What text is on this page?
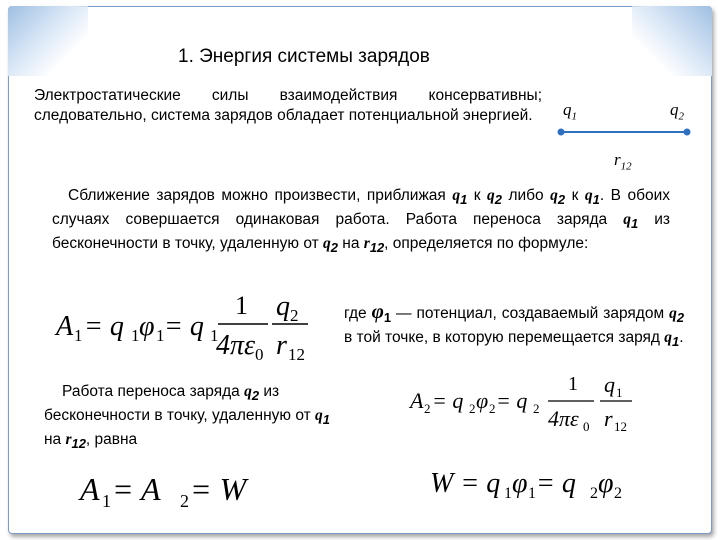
1. Энергия системы зарядов
Электростатические силы взаимодействия консервативны; следовательно, система зарядов обладает потенциальной энергией.	$q_1$	$q_2$
$r_{12}$
Сближение зарядов можно произвести, приближая $q_1$ к $q_2$ либо $q_2$ к $q_1$. В обоих случаях совершается одинаковая работа. Работа переноса заряда $q_1$ из бесконечности в точку, удаленную от $q_2$ на $r_{12}$, определяется по формуле:
A 1 = q 1 φ 1 = q 1
1
4πε 0
q 2
r 12
где $\varphi_1$ — потенциал, создаваемый зарядом $q_2$ в той точке, в которую перемещается заряд $q_1$.
Работа переноса заряда $q_2$ из бесконечности в точку, удаленную от $q_1$ на $r_{12}$, равна
A 2 = q 2 φ 2 = q 2
1
4πε 0
q 1
r 12
A 1 = A 2 = W	W = q 1 φ 1 = q 2 φ 2
